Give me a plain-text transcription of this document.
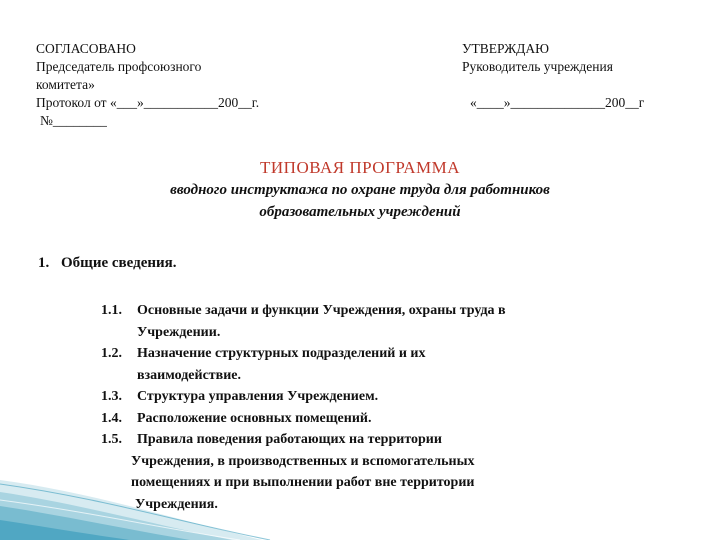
СОГЛАСОВАНО
Председатель профсоюзного
комитета»
Протокол от «___»___________200__г.
№________
УТВЕРЖДАЮ
Руководитель учреждения
«____»______________200__г
ТИПОВАЯ ПРОГРАММА
вводного инструктажа по охране труда для работников
образовательных учреждений
1. Общие сведения.
1.1. Основные задачи и функции Учреждения, охраны труда в
Учреждении.
1.2. Назначение структурных подразделений и их
взаимодействие.
1.3. Структура управления Учреждением.
1.4. Расположение основных помещений.
1.5. Правила поведения работающих на территории
Учреждения, в производственных и вспомогательных
помещениях и при выполнении работ вне территории
Учреждения.
